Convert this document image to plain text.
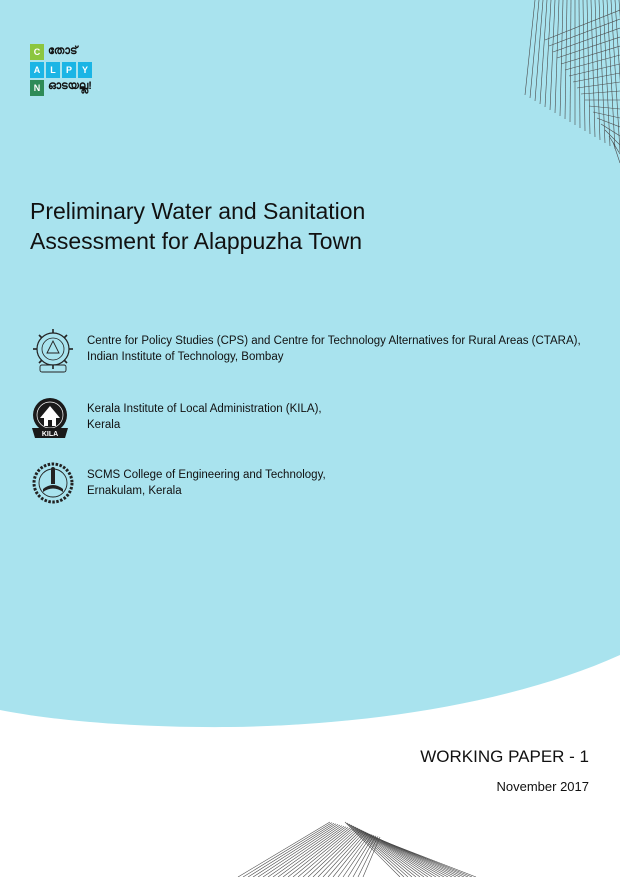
C
A	L	P	Y
N
തോട്
ഓടയല്ല!
Preliminary Water and Sanitation
Assessment for Alappuzha Town
Centre for Policy Studies (CPS) and Centre for Technology Alternatives for Rural Areas (CTARA),
Indian Institute of Technology, Bombay
KILA
Kerala Institute of Local Administration (KILA),
Kerala
SCMS College of Engineering and Technology,
Ernakulam, Kerala
WORKING PAPER - 1
November 2017
